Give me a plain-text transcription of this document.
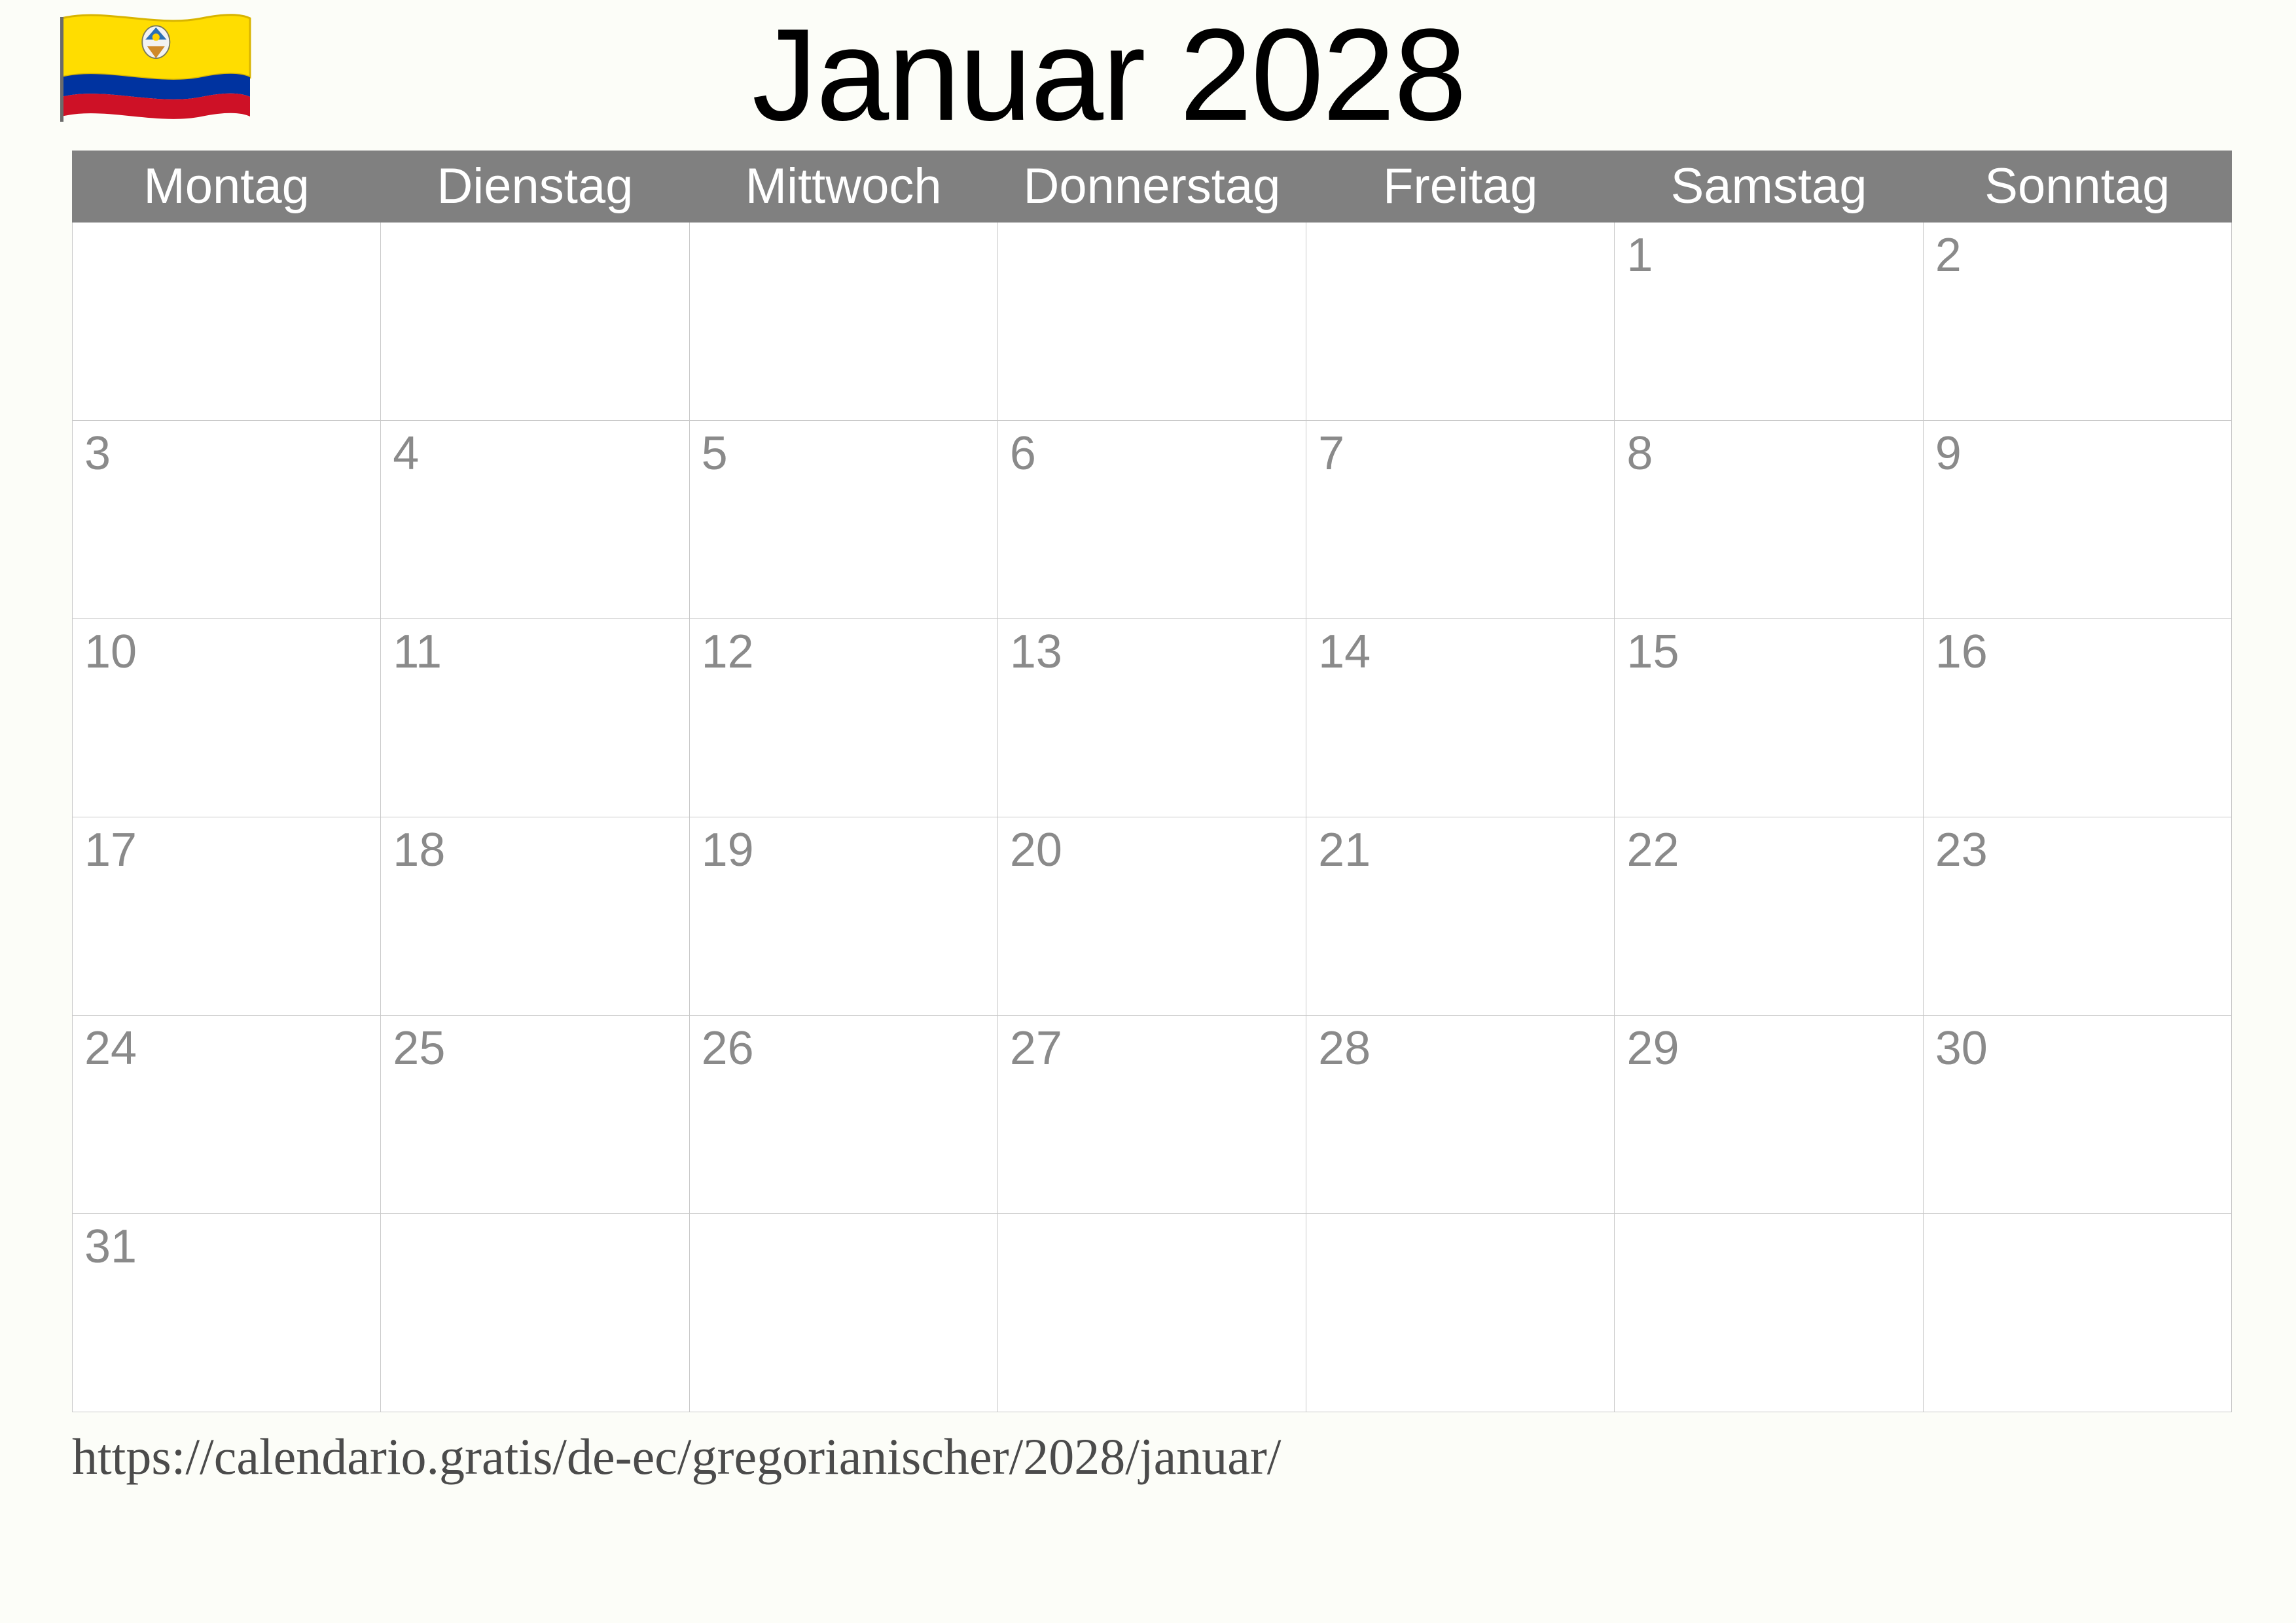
Januar 2028
Montag	Dienstag	Mittwoch	Donnerstag	Freitag	Samstag	Sonntag
					1	2
3	4	5	6	7	8	9
10	11	12	13	14	15	16
17	18	19	20	21	22	23
24	25	26	27	28	29	30
31						
https://calendario.gratis/de-ec/gregorianischer/2028/januar/
